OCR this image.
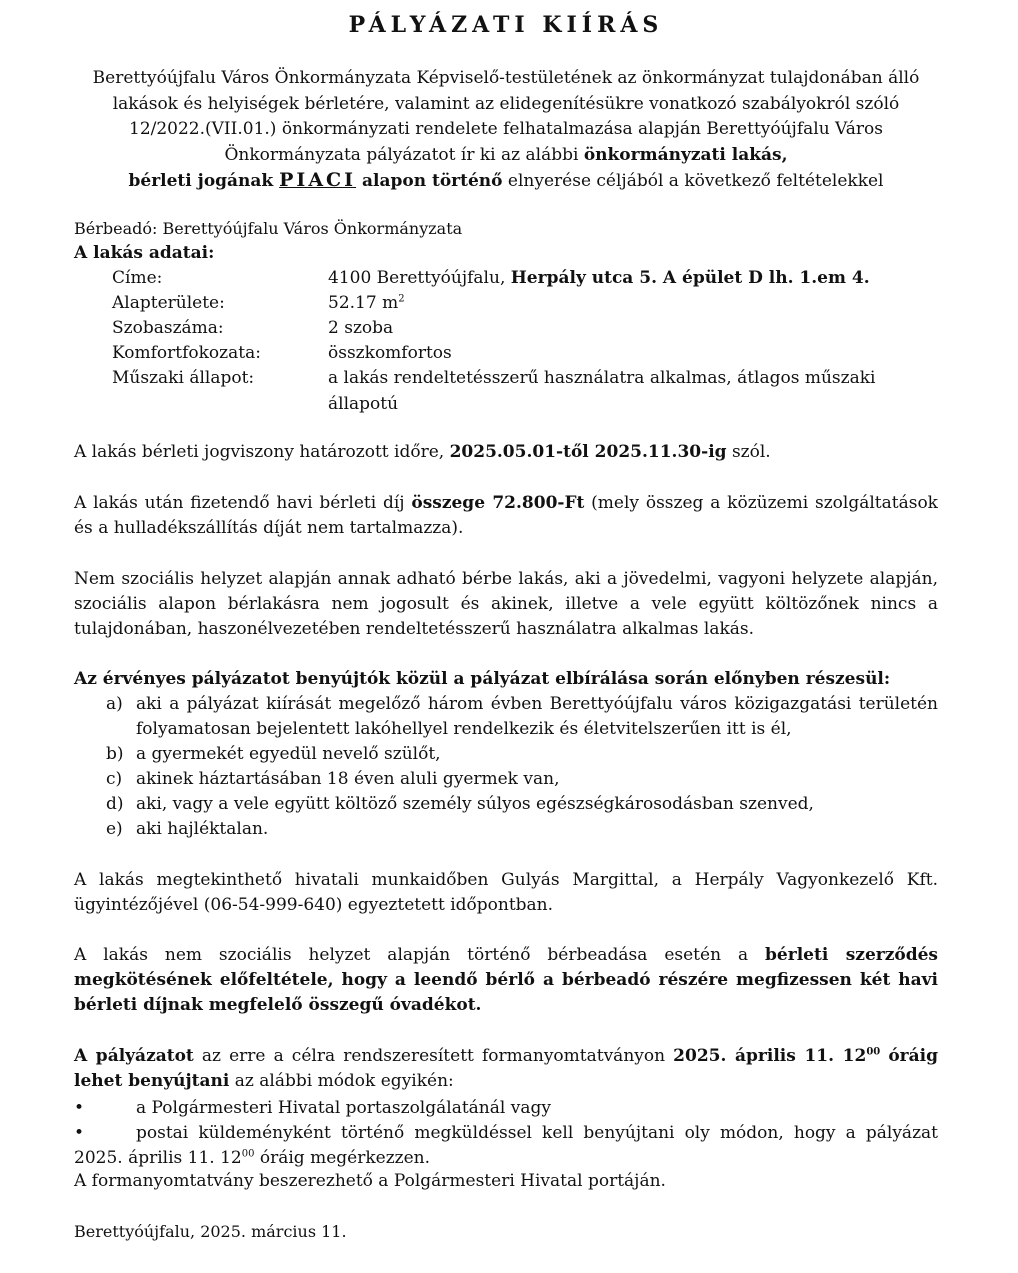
PÁLYÁZATI KIÍRÁS
Berettyóújfalu Város Önkormányzata Képviselő-testületének az önkormányzat tulajdonában álló lakások és helyiségek bérletére, valamint az elidegenítésükre vonatkozó szabályokról szóló 12/2022.(VII.01.) önkormányzati rendelete felhatalmazása alapján Berettyóújfalu Város Önkormányzata pályázatot ír ki az alábbi önkormányzati lakás,
bérleti jogának PIACI alapon történő elnyerése céljából a következő feltételekkel
Bérbeadó: Berettyóújfalu Város Önkormányzata
A lakás adatai:
Címe:	4100 Berettyóújfalu, Herpály utca 5. A épület D lh. 1.em 4.
Alapterülete:	52.17 $m^2$
Szobaszáma:	2 szoba
Komfortfokozata:	összkomfortos
Műszaki állapot:	a lakás rendeltetésszerű használatra alkalmas, átlagos műszaki állapotú
A lakás bérleti jogviszony határozott időre, 2025.05.01-től 2025.11.30-ig szól.
A lakás után fizetendő havi bérleti díj összege 72.800-Ft (mely összeg a közüzemi szolgáltatások és a hulladékszállítás díját nem tartalmazza).
Nem szociális helyzet alapján annak adható bérbe lakás, aki a jövedelmi, vagyoni helyzete alapján, szociális alapon bérlakásra nem jogosult és akinek, illetve a vele együtt költözőnek nincs a tulajdonában, haszonélvezetében rendeltetésszerű használatra alkalmas lakás.
Az érvényes pályázatot benyújtók közül a pályázat elbírálása során előnyben részesül:
a) aki a pályázat kiírását megelőző három évben Berettyóújfalu város közigazgatási területén folyamatosan bejelentett lakóhellyel rendelkezik és életvitelszerűen itt is él,
b) a gyermekét egyedül nevelő szülőt,
c) akinek háztartásában 18 éven aluli gyermek van,
d) aki, vagy a vele együtt költöző személy súlyos egészségkárosodásban szenved,
e) aki hajléktalan.
A lakás megtekinthető hivatali munkaidőben Gulyás Margittal, a Herpály Vagyonkezelő Kft. ügyintézőjével (06-54-999-640) egyeztetett időpontban.
A lakás nem szociális helyzet alapján történő bérbeadása esetén a bérleti szerződés megkötésének előfeltétele, hogy a leendő bérlő a bérbeadó részére megfizessen két havi bérleti díjnak megfelelő összegű óvadékot.
A pályázatot az erre a célra rendszeresített formanyomtatványon 2025. április 11. $12^{00}$ óráig lehet benyújtani az alábbi módok egyikén:
•	a Polgármesteri Hivatal portaszolgálatánál vagy
•	postai küldeményként történő megküldéssel kell benyújtani oly módon, hogy a pályázat 2025. április 11. $12^{00}$ óráig megérkezzen.
A formanyomtatvány beszerezhető a Polgármesteri Hivatal portáján.
Berettyóújfalu, 2025. március 11.
